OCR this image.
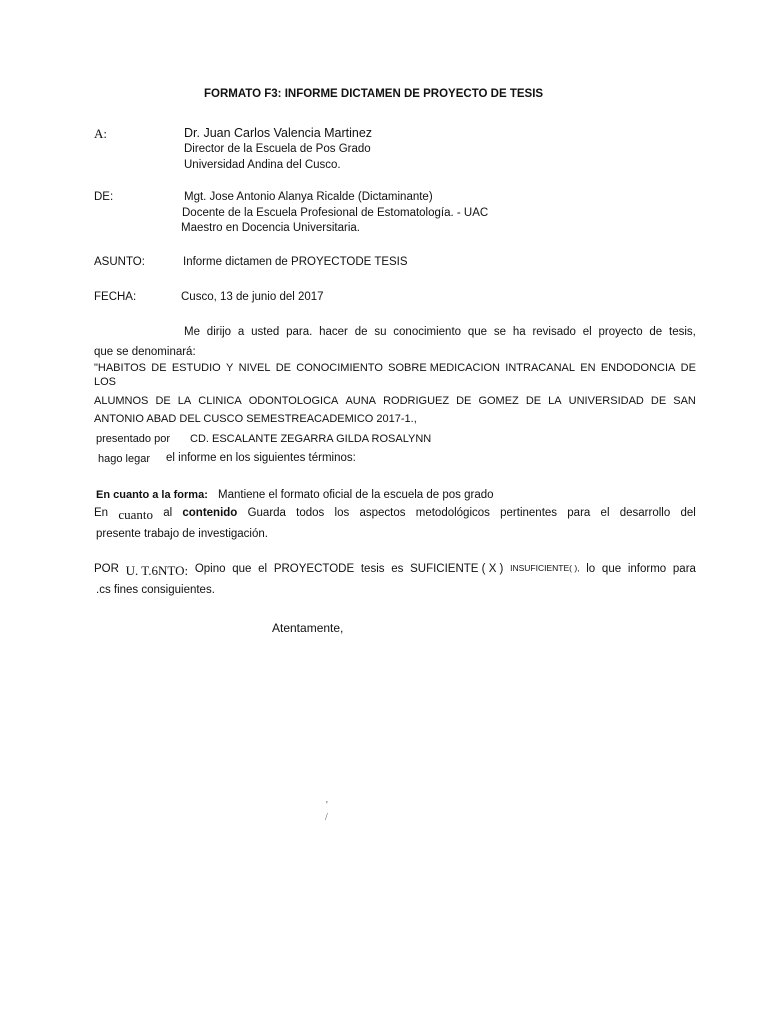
FORMATO F3: INFORME DICTAMEN DE PROYECTO DE TESIS
A:	Dr. Juan Carlos Valencia Martinez
Director de la Escuela de Pos Grado
Universidad Andina del Cusco.
DE:	Mgt. Jose Antonio Alanya Ricalde (Dictaminante)
Docente de la Escuela Profesional de Estomatología. - UAC
Maestro en Docencia Universitaria.
ASUNTO:	Informe dictamen de PROYECTODE TESIS
FECHA:	Cusco, 13 de junio del 2017
Me dirijo a usted para. hacer de su conocimiento que se ha revisado el proyecto de tesis,
que se denominará:
"HABITOS DE ESTUDIO Y NIVEL DE CONOCIMIENTO SOBRE MEDICACION INTRACANAL EN ENDODONCIA DE
LOS
ALUMNOS DE LA CLINICA ODONTOLOGICA AUNA RODRIGUEZ DE GOMEZ DE LA UNIVERSIDAD DE SAN
ANTONIO ABAD DEL CUSCO SEMESTREACADEMICO 2017-1.,
presentado por CD. ESCALANTE ZEGARRA GILDA ROSALYNN
hago legar el informe en los siguientes términos:
En cuanto a la forma: Mantiene el formato oficial de la escuela de pos grado
En cuanto al contenido Guarda todos los aspectos metodológicos pertinentes para el desarrollo del
presente trabajo de investigación.
POR U. T.6NTO: Opino que el PROYECTODE tesis es SUFICIENTE ( X ) INSUFICIENTE( ), lo que informo para
.cs fines consiguientes.
Atentamente,
'
/
